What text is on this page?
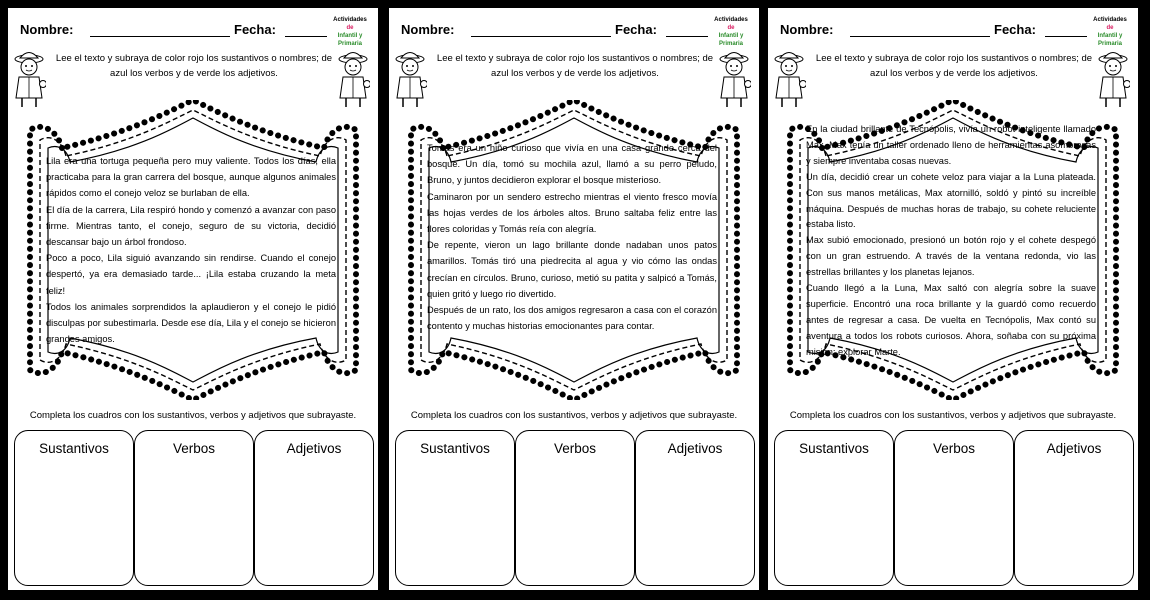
Nombre:	Fecha:
Actividades
de
Infantil y Primaria
Lee el texto y subraya de color rojo los sustantivos o nombres; de azul los verbos y de verde los adjetivos.

Lila era una tortuga pequeña pero muy valiente. Todos los días, ella practicaba para la gran carrera del bosque, aunque algunos animales rápidos como el conejo veloz se burlaban de ella.

El día de la carrera, Lila respiró hondo y comenzó a avanzar con paso firme. Mientras tanto, el conejo, seguro de su victoria, decidió descansar bajo un árbol frondoso.

Poco a poco, Lila siguió avanzando sin rendirse. Cuando el conejo despertó, ya era demasiado tarde... ¡Lila estaba cruzando la meta feliz!

Todos los animales sorprendidos la aplaudieron y el conejo le pidió disculpas por subestimarla. Desde ese día, Lila y el conejo se hicieron grandes amigos.

Completa los cuadros con los sustantivos, verbos y adjetivos que subrayaste.
Sustantivos	Verbos	Adjetivos
Nombre:	Fecha:
Actividades
de
Infantil y Primaria
Lee el texto y subraya de color rojo los sustantivos o nombres; de azul los verbos y de verde los adjetivos.

Tomás era un niño curioso que vivía en una casa grande cerca del bosque. Un día, tomó su mochila azul, llamó a su perro peludo, Bruno, y juntos decidieron explorar el bosque misterioso.

Caminaron por un sendero estrecho mientras el viento fresco movía las hojas verdes de los árboles altos. Bruno saltaba feliz entre las flores coloridas y Tomás reía con alegría.

De repente, vieron un lago brillante donde nadaban unos patos amarillos. Tomás tiró una piedrecita al agua y vio cómo las ondas crecían en círculos. Bruno, curioso, metió su patita y salpicó a Tomás, quien gritó y luego rio divertido.

Después de un rato, los dos amigos regresaron a casa con el corazón contento y muchas historias emocionantes para contar.

Completa los cuadros con los sustantivos, verbos y adjetivos que subrayaste.
Sustantivos	Verbos	Adjetivos
Nombre:	Fecha:
Actividades
de
Infantil y Primaria
Lee el texto y subraya de color rojo los sustantivos o nombres; de azul los verbos y de verde los adjetivos.

En la ciudad brillante de Tecnópolis, vivía un robot inteligente llamado Max. Max tenía un taller ordenado lleno de herramientas asombrosas y siempre inventaba cosas nuevas.

Un día, decidió crear un cohete veloz para viajar a la Luna plateada. Con sus manos metálicas, Max atornilló, soldó y pintó su increíble máquina. Después de muchas horas de trabajo, su cohete reluciente estaba listo.

Max subió emocionado, presionó un botón rojo y el cohete despegó con un gran estruendo. A través de la ventana redonda, vio las estrellas brillantes y los planetas lejanos.

Cuando llegó a la Luna, Max saltó con alegría sobre la suave superficie. Encontró una roca brillante y la guardó como recuerdo antes de regresar a casa. De vuelta en Tecnópolis, Max contó su aventura a todos los robots curiosos. Ahora, soñaba con su próxima misión: explorar Marte.

Completa los cuadros con los sustantivos, verbos y adjetivos que subrayaste.
Sustantivos	Verbos	Adjetivos
